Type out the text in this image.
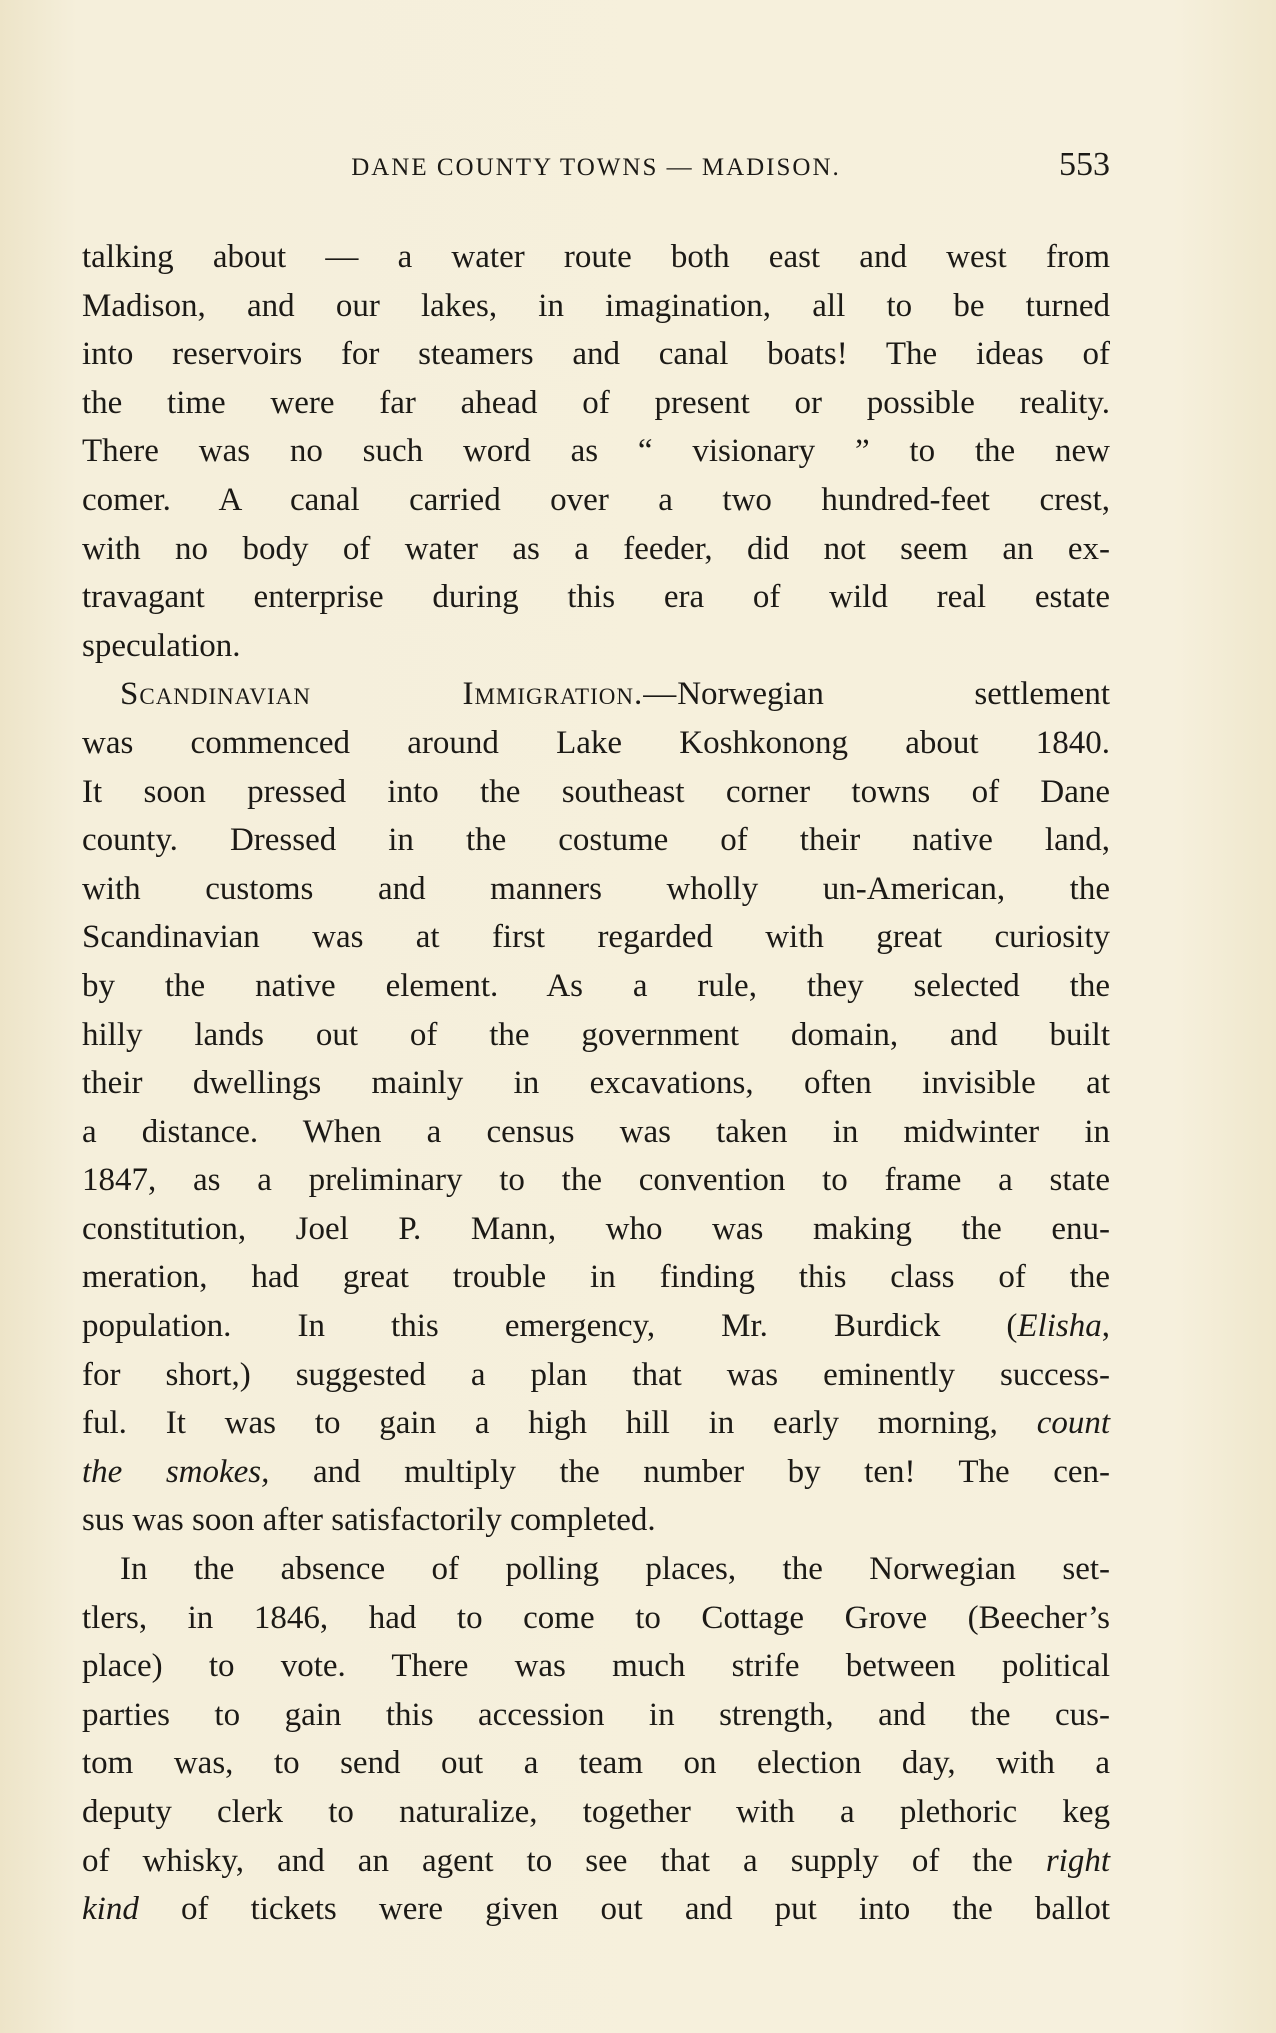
DANE COUNTY TOWNS — MADISON.	553
talking about — a water route both east and west from
Madison, and our lakes, in imagination, all to be turned
into reservoirs for steamers and canal boats! The ideas of
the time were far ahead of present or possible reality.
There was no such word as “ visionary ” to the new
comer. A canal carried over a two hundred-feet crest,
with no body of water as a feeder, did not seem an ex-
travagant enterprise during this era of wild real estate
speculation.
Scandinavian Immigration.—Norwegian settlement
was commenced around Lake Koshkonong about 1840.
It soon pressed into the southeast corner towns of Dane
county. Dressed in the costume of their native land,
with customs and manners wholly un-American, the
Scandinavian was at first regarded with great curiosity
by the native element. As a rule, they selected the
hilly lands out of the government domain, and built
their dwellings mainly in excavations, often invisible at
a distance. When a census was taken in midwinter in
1847, as a preliminary to the convention to frame a state
constitution, Joel P. Mann, who was making the enu-
meration, had great trouble in finding this class of the
population. In this emergency, Mr. Burdick (Elisha,
for short,) suggested a plan that was eminently success-
ful. It was to gain a high hill in early morning, count
the smokes, and multiply the number by ten! The cen-
sus was soon after satisfactorily completed.
In the absence of polling places, the Norwegian set-
tlers, in 1846, had to come to Cottage Grove (Beecher’s
place) to vote. There was much strife between political
parties to gain this accession in strength, and the cus-
tom was, to send out a team on election day, with a
deputy clerk to naturalize, together with a plethoric keg
of whisky, and an agent to see that a supply of the right
kind of tickets were given out and put into the ballot
